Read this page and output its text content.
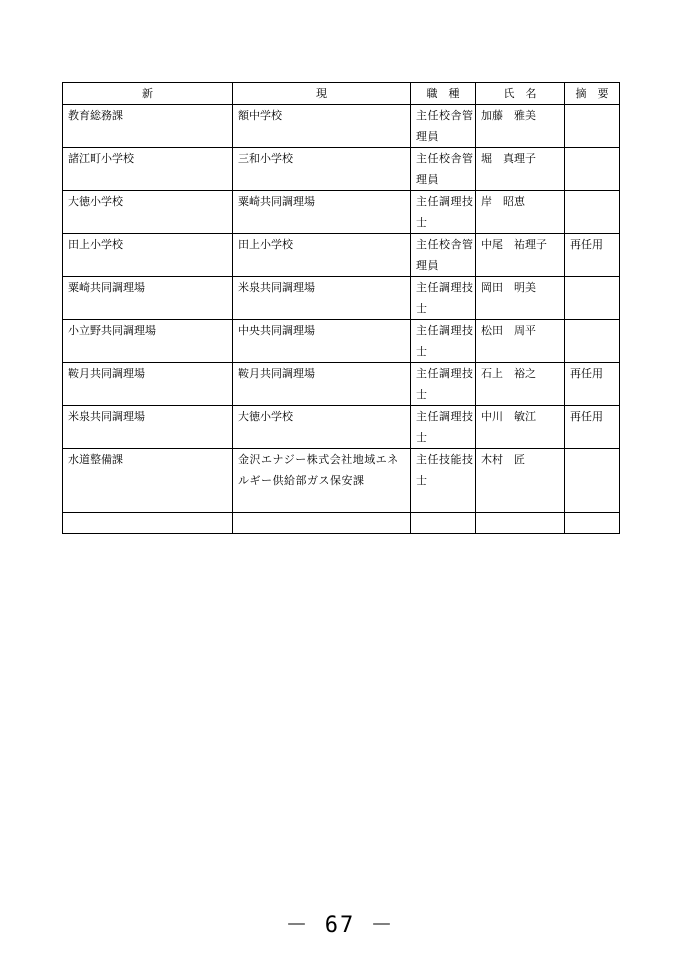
新	現	職　種	氏　名	摘　要
教育総務課	額中学校	主任校舎管理員	加藤　雅美	
諸江町小学校	三和小学校	主任校舎管理員	堀　真理子	
大徳小学校	粟崎共同調理場	主任調理技士	岸　昭恵	
田上小学校	田上小学校	主任校舎管理員	中尾　祐理子	再任用
粟崎共同調理場	米泉共同調理場	主任調理技士	岡田　明美	
小立野共同調理場	中央共同調理場	主任調理技士	松田　周平	
鞍月共同調理場	鞍月共同調理場	主任調理技士	石上　裕之	再任用
米泉共同調理場	大徳小学校	主任調理技士	中川　敏江	再任用
水道整備課	金沢エナジー株式会社地域エネルギー供給部ガス保安課	主任技能技士	木村　匠	

－ 67 －
